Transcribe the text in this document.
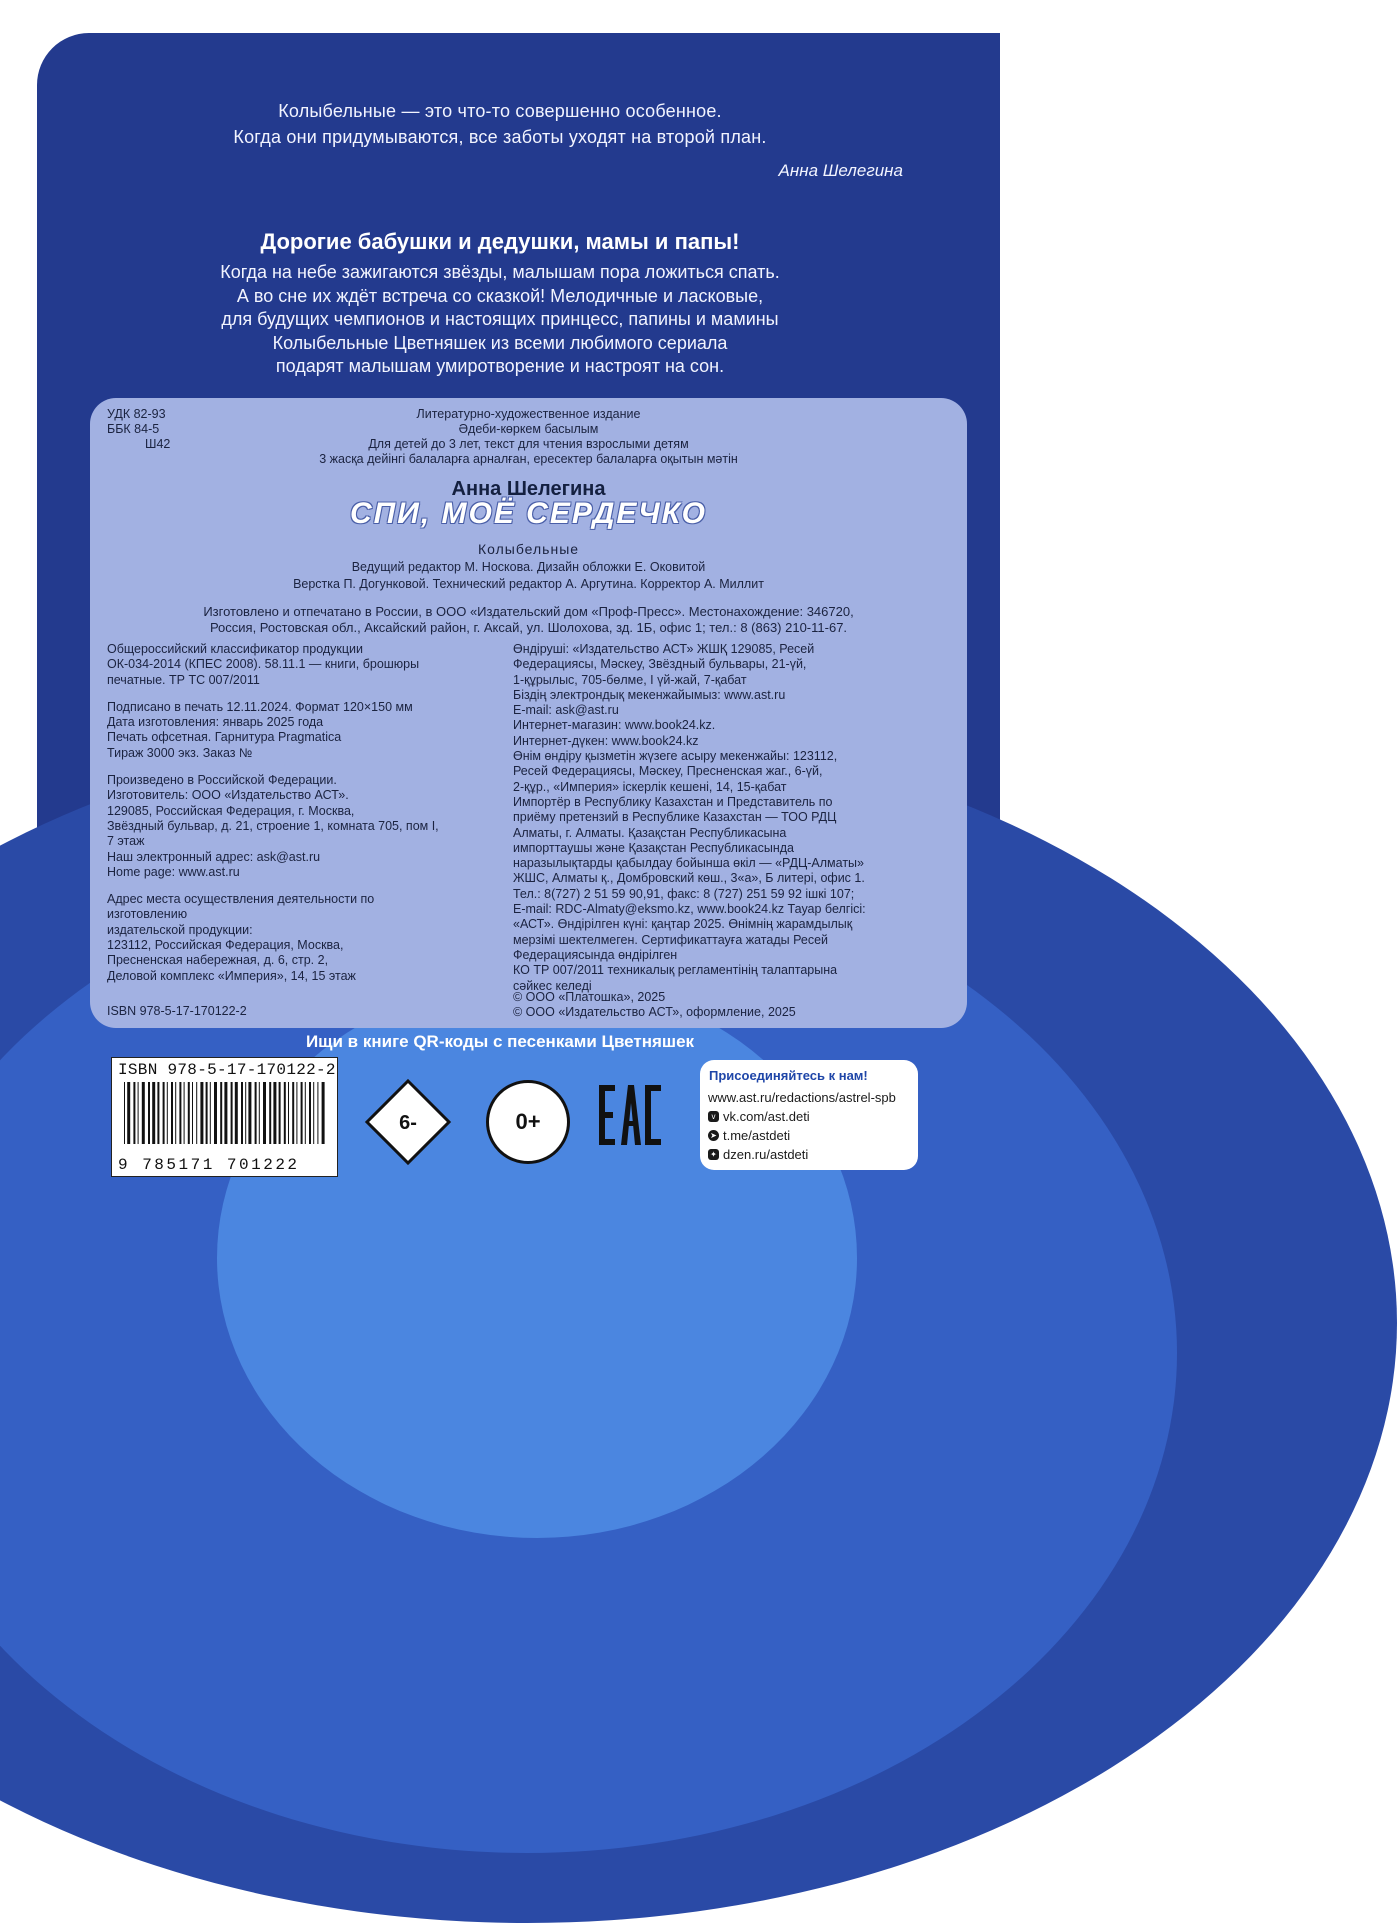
Колыбельные — это что-то совершенно особенное.
Когда они придумываются, все заботы уходят на второй план.
Анна Шелегина
Дорогие бабушки и дедушки, мамы и папы!
Когда на небе зажигаются звёзды, малышам пора ложиться спать.
А во сне их ждёт встреча со сказкой! Мелодичные и ласковые,
для будущих чемпионов и настоящих принцесс, папины и мамины
Колыбельные Цветняшек из всеми любимого сериала
подарят малышам умиротворение и настроят на сон.
УДК 82-93
ББК 84-5
Ш42
Литературно-художественное издание
Әдеби-көркем басылым
Для детей до 3 лет, текст для чтения взрослыми детям
3 жасқа дейінгі балаларға арналған, ересектер балаларға оқытын мәтін
Анна Шелегина
СПИ, МОЁ СЕРДЕЧКО
Колыбельные
Ведущий редактор М. Носкова. Дизайн обложки Е. Оковитой
Верстка П. Догунковой. Технический редактор А. Аргутина. Корректор А. Миллит
Изготовлено и отпечатано в России, в ООО «Издательский дом «Проф-Пресс». Местонахождение: 346720,
Россия, Ростовская обл., Аксайский район, г. Аксай, ул. Шолохова, зд. 1Б, офис 1; тел.: 8 (863) 210-11-67.

Общероссийский классификатор продукции

ОК-034-2014 (КПЕС 2008). 58.11.1 — книги, брошюры

печатные. ТР ТС 007/2011

Подписано в печать 12.11.2024. Формат 120×150 мм

Дата изготовления: январь 2025 года

Печать офсетная. Гарнитура Pragmatica

Тираж 3000 экз. Заказ №

Произведено в Российской Федерации.

Изготовитель: ООО «Издательство АСТ».

129085, Российская Федерация, г. Москва,

Звёздный бульвар, д. 21, строение 1, комната 705, пом I,

7 этаж

Наш электронный адрес: ask@ast.ru

Home page: www.ast.ru

Адрес места осуществления деятельности по

изготовлению

издательской продукции:

123112, Российская Федерация, Москва,

Пресненская набережная, д. 6, стр. 2,

Деловой комплекс «Империя», 14, 15 этаж

ISBN 978-5-17-170122-2

Өндіруші: «Издательство АСТ» ЖШҚ 129085, Ресей

Федерациясы, Мәскеу, Звёздный бульвары, 21-үй,

1-құрылыс, 705-бөлме, I үй-жай, 7-қабат

Біздің электрондық мекенжайымыз: www.ast.ru

E-mail: ask@ast.ru

Интернет-магазин: www.book24.kz.

Интернет-дүкен: www.book24.kz

Өнім өндіру қызметін жүзеге асыру мекенжайы: 123112,

Ресей Федерациясы, Мәскеу, Пресненская жаг., 6-үй,

2-құр., «Империя» іскерлік кешені, 14, 15-қабат

Импортёр в Республику Казахстан и Представитель по

приёму претензий в Республике Казахстан — ТОО РДЦ

Алматы, г. Алматы. Қазақстан Республикасына

импорттаушы және Қазақстан Республикасында

наразылықтарды қабылдау бойынша өкіл — «РДЦ-Алматы»

ЖШС, Алматы қ., Домбровский көш., 3«а», Б литері, офис 1.

Тел.: 8(727) 2 51 59 90,91, факс: 8 (727) 251 59 92 ішкі 107;

E-mail: RDC-Almaty@eksmo.kz, www.book24.kz Тауар белгісі:

«АСТ». Өндірілген күні: қаңтар 2025. Өнімнің жарамдылық

мерзімі шектелмеген. Сертификаттауға жатады Ресей

Федерациясында өндірілген

КО ТР 007/2011 техникалық регламентінің талаптарына

сәйкес келеді

© ООО «Платошка», 2025
© ООО «Издательство АСТ», оформление, 2025
Ищи в книге QR-коды с песенками Цветняшек
ISBN 978-5-17-170122-2
9 785171 701222
6-	0+
Присоединяйтесь к нам!
www.ast.ru/redactions/astrel-spb
v vk.com/ast.deti
➤ t.me/astdeti
✦ dzen.ru/astdeti
